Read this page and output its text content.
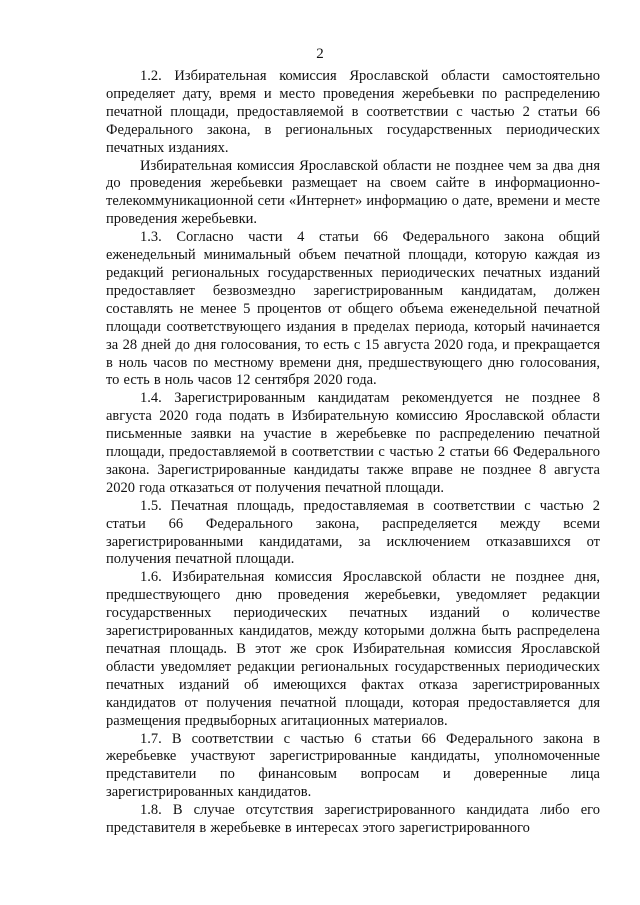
2

1.2. Избирательная комиссия Ярославской области самостоятельно определяет дату, время и место проведения жеребьевки по распределению печатной площади, предоставляемой в соответствии с частью 2 статьи 66 Федерального закона, в региональных государственных периодических печатных изданиях.

Избирательная комиссия Ярославской области не позднее чем за два дня до проведения жеребьевки размещает на своем сайте в информационно-телекоммуникационной сети «Интернет» информацию о дате, времени и месте проведения жеребьевки.

1.3. Согласно части 4 статьи 66 Федерального закона общий еженедельный минимальный объем печатной площади, которую каждая из редакций региональных государственных периодических печатных изданий предоставляет безвозмездно зарегистрированным кандидатам, должен составлять не менее 5 процентов от общего объема еженедельной печатной площади соответствующего издания в пределах периода, который начинается за 28 дней до дня голосования, то есть с 15 августа 2020 года, и прекращается в ноль часов по местному времени дня, предшествующего дню голосования, то есть в ноль часов 12 сентября 2020 года.

1.4. Зарегистрированным кандидатам рекомендуется не позднее 8 августа 2020 года подать в Избирательную комиссию Ярославской области письменные заявки на участие в жеребьевке по распределению печатной площади, предоставляемой в соответствии с частью 2 статьи 66 Федерального закона. Зарегистрированные кандидаты также вправе не позднее 8 августа 2020 года отказаться от получения печатной площади.

1.5. Печатная площадь, предоставляемая в соответствии с частью 2 статьи 66 Федерального закона, распределяется между всеми зарегистрированными кандидатами, за исключением отказавшихся от получения печатной площади.

1.6. Избирательная комиссия Ярославской области не позднее дня, предшествующего дню проведения жеребьевки, уведомляет редакции государственных периодических печатных изданий о количестве зарегистрированных кандидатов, между которыми должна быть распределена печатная площадь. В этот же срок Избирательная комиссия Ярославской области уведомляет редакции региональных государственных периодических печатных изданий об имеющихся фактах отказа зарегистрированных кандидатов от получения печатной площади, которая предоставляется для размещения предвыборных агитационных материалов.

1.7. В соответствии с частью 6 статьи 66 Федерального закона в жеребьевке участвуют зарегистрированные кандидаты, уполномоченные представители по финансовым вопросам и доверенные лица зарегистрированных кандидатов.

1.8. В случае отсутствия зарегистрированного кандидата либо его представителя в жеребьевке в интересах этого зарегистрированного
